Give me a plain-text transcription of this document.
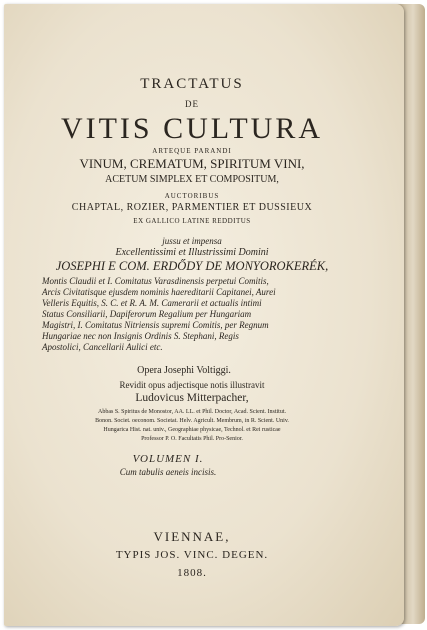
TRACTATUS
DE
VITIS CULTURA
ARTEQUE PARANDI
VINUM, CREMATUM, SPIRITUM VINI,
ACETUM SIMPLEX ET COMPOSITUM,
AUCTORIBUS
CHAPTAL, ROZIER, PARMENTIER ET DUSSIEUX
EX GALLICO LATINE REDDITUS
jussu et impensa
Excellentissimi et Illustrissimi Domini
JOSEPHI E COM. ERDŐDY DE MONYOROKERÉK,
Montis Claudii et I. Comitatus Varasdinensis perpetui Comitis,
Arcis Civitatisque ejusdem nominis haereditarii Capitanei, Aurei
Velleris Equitis, S. C. et R. A. M. Camerarii et actualis intimi
Status Consiliarii, Dapiferorum Regalium per Hungariam
Magistri, I. Comitatus Nitriensis supremi Comitis, per Regnum
Hungariae nec non Insignis Ordinis S. Stephani, Regis
Apostolici, Cancellarii Aulici etc.
Opera Josephi Voltiggi.
Revidit opus adjectisque notis illustravit
Ludovicus Mitterpacher,
Abbas S. Spiritus de Monostor, AA. LL. et Phil. Doctor, Acad. Scient. Institut.
Bonon. Societ. oeconom. Societat. Helv. Agricult. Membrum, in R. Scient. Univ.
Hungarica Hist. nat. univ., Geographiae physicae, Technol. et Rei rusticae
Professor P. O. Facultatis Phil. Pro-Senior.
VOLUMEN I.
Cum tabulis aeneis incisis.
VIENNAE,
TYPIS JOS. VINC. DEGEN.
1808.
